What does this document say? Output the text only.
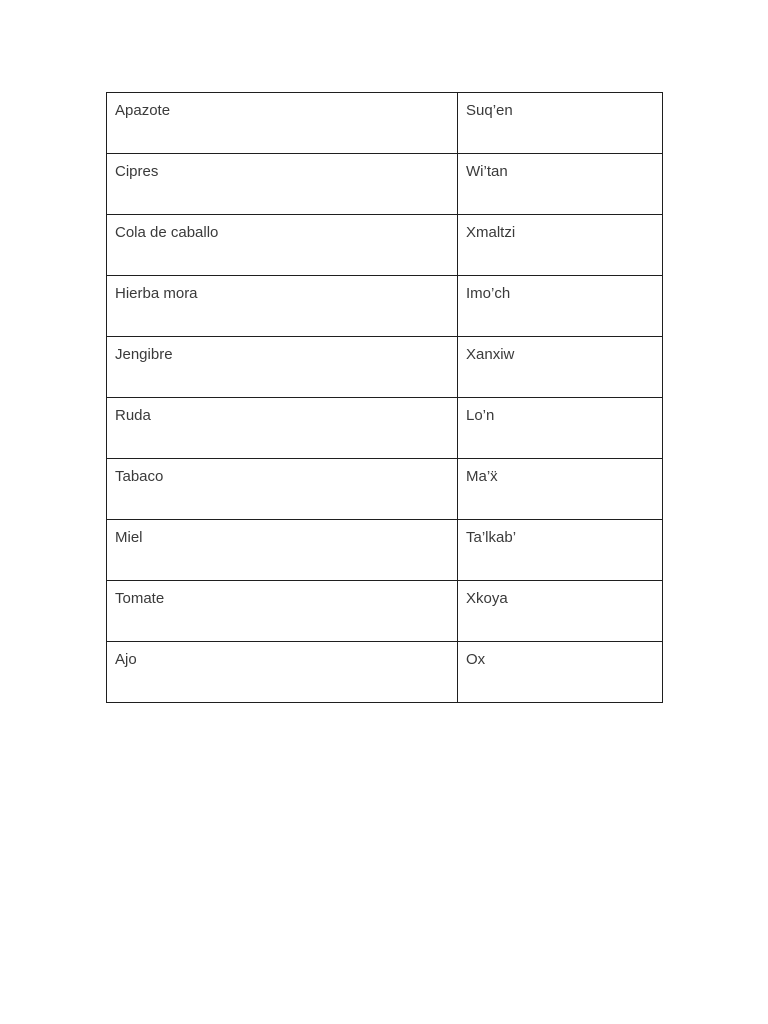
Apazote	Suq’en

Cipres	Wi’tan

Cola de caballo	Xmaltzi

Hierba mora	Imo’ch

Jengibre	Xanxiw

Ruda	Lo’n

Tabaco	Ma’ẍ

Miel	Ta’lkab’

Tomate	Xkoya

Ajo	Ox
